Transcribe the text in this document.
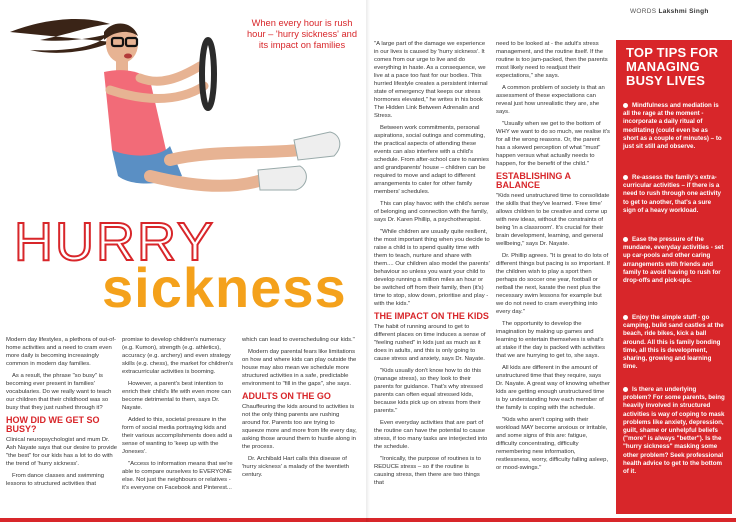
When every hour is rush hour – 'hurry sickness' and its impact on families
HURRY
sickness

Modern day lifestyles, a plethora of out-of-home activities and a need to cram even more daily is becoming increasingly common in modern day families.

As a result, the phrase "so busy" is becoming ever present in families' vocabularies. Do we really want to teach our children that their childhood was so busy that they just rushed through it?

HOW DID WE GET SO BUSY?

Clinical neuropsychologist and mum Dr. Ash Nayate says that our desire to provide "the best" for our kids has a lot to do with the trend of 'hurry sickness'.

From dance classes and swimming lessons to structured activities that

promise to develop children's numeracy (e.g. Kumon), strength (e.g. athletics), accuracy (e.g. archery) and even strategy skills (e.g. chess), the market for children's extracurricular activities is booming.

However, a parent's best intention to enrich their child's life with even more can become detrimental to them, says Dr. Nayate.

Added to this, societal pressure in the form of social media portraying kids and their various accomplishments does add a sense of wanting to 'keep up with the Joneses'.

"Access to information means that we're able to compare ourselves to EVERYONE else. Not just the neighbours or relatives - it's everyone on Facebook and Pinterest...

which can lead to overscheduling our kids."

Modern day parental fears like limitations on how and where kids can play outside the house may also mean we schedule more structured activities in a safe, predictable environment to "fill in the gaps", she says.

ADULTS ON THE GO

Chauffeuring the kids around to activities is not the only thing parents are rushing around for. Parents too are trying to squeeze more and more from life every day, asking those around them to hustle along in the process.

Dr. Archibald Hart calls this disease of 'hurry sickness' a malady of the twentieth century.

WORDS Lakshmi Singh

"A large part of the damage we experience in our lives is caused by 'hurry sickness'. It comes from our urge to live and do everything in haste. As a consequence, we live at a pace too fast for our bodies. This hurried lifestyle creates a persistent internal state of emergency that keeps our stress hormones elevated," he writes in his book The Hidden Link Between Adrenalin and Stress.

Between work commitments, personal aspirations, social outings and commuting, the practical aspects of attending these events can also interfere with a child's schedule. From after-school care to nannies and grandparents' house – children can be required to move and adapt to different arrangements to cater for other family members' schedules.

This can play havoc with the child's sense of belonging and connection with the family, says Dr. Karen Phillip, a psychotherapist.

"While children are usually quite resilient, the most important thing when you decide to raise a child is to spend quality time with them to teach, nurture and share with them.... Our children also model the parents' behaviour so unless you want your child to develop running a million miles an hour or be switched off from their family, then (it's) time to stop, slow down, prioritise and play - with the kids."

THE IMPACT ON THE KIDS

The habit of running around to get to different places on time induces a sense of "feeling rushed" in kids just as much as it does in adults, and this is only going to cause stress and anxiety, says Dr. Nayate.

"Kids usually don't know how to do this (manage stress), so they look to their parents for guidance. That's why stressed parents can often equal stressed kids, because kids pick up on stress from their parents."

Even everyday activities that are part of the routine can have the potential to cause stress, if too many tasks are interjected into the schedule.

"Ironically, the purpose of routines is to REDUCE stress – so if the routine is causing stress, then there are two things that

need to be looked at - the adult's stress management, and the routine itself. If the routine is too jam-packed, then the parents most likely need to readjust their expectations," she says.

A common problem of society is that an assessment of these expectations can reveal just how unrealistic they are, she says.

"Usually when we get to the bottom of WHY we want to do so much, we realise it's for all the wrong reasons. Or, the parent has a skewed perception of what "must" happen versus what actually needs to happen, for the benefit of the child."

ESTABLISHING A BALANCE

"Kids need unstructured time to consolidate the skills that they've learned. 'Free time' allows children to be creative and come up with new ideas, without the constraints of being 'in a classroom'. It's crucial for their brain development, learning, and general wellbeing," says Dr. Nayate.

Dr. Phillip agrees. "It is great to do lots of different things but pacing is so important. If the children wish to play a sport then perhaps do soccer one year, football or netball the next, karate the next plus the necessary swim lessons for example but we do not need to cram everything into every day."

The opportunity to develop the imagination by making up games and learning to entertain themselves is what's at stake if the day is packed with activities that we are hurrying to get to, she says.

All kids are different in the amount of unstructured time that they require, says Dr. Nayate. A great way of knowing whether kids are getting enough unstructured time is by understanding how each member of the family is coping with the schedule.

"Kids who aren't coping with their workload MAY become anxious or irritable, and some signs of this are: fatigue, difficulty concentrating, difficulty remembering new information, restlessness, worry, difficulty falling asleep, or mood-swings."

TOP TIPS FOR MANAGING BUSY LIVES
Mindfulness and mediation is all the rage at the moment - incorporate a daily ritual of meditating (could even be as short as a couple of minutes) – to just sit still and observe.
Re-assess the family's extra-curricular activities – if there is a need to rush through one activity to get to another, that's a sure sign of a heavy workload.
Ease the pressure of the mundane, everyday activities - set up car-pools and other caring arrangements with friends and family to avoid having to rush for drop-offs and pick-ups.
Enjoy the simple stuff - go camping, build sand castles at the beach, ride bikes, kick a ball around. All this is family bonding time, all this is development, sharing, growing and learning time.
Is there an underlying problem? For some parents, being heavily involved in structured activities is way of coping to mask problems like anxiety, depression, guilt, shame or unhelpful beliefs ("more" is always "better"). Is the "hurry sickness" masking some other problem? Seek professional health advice to get to the bottom of it.
